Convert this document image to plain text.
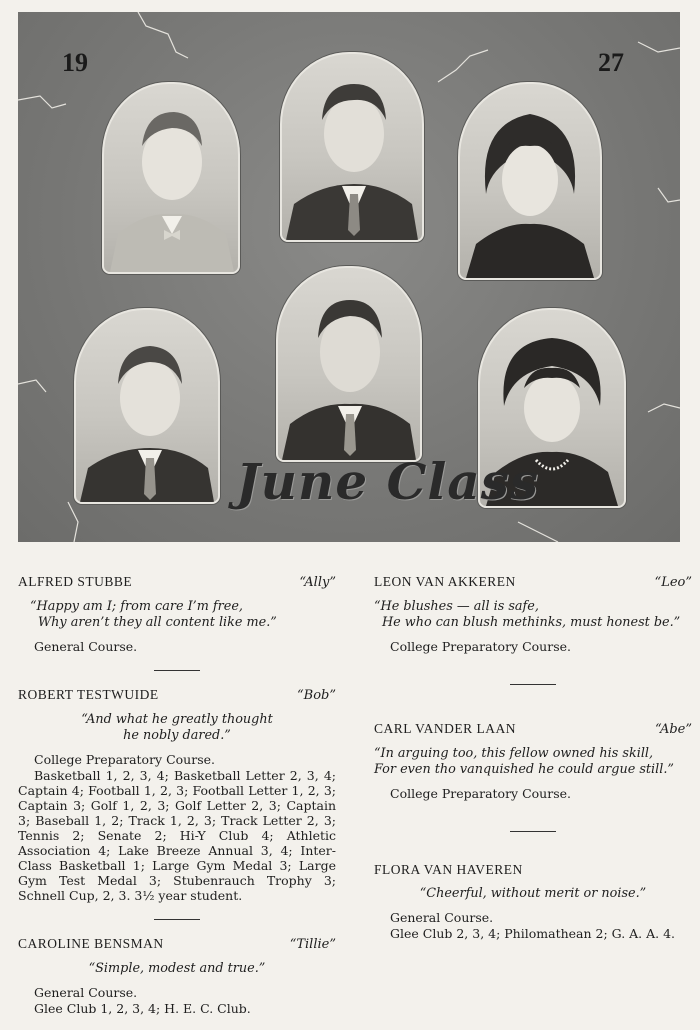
19	27
June Class
ALFRED STUBBE	“Ally”
“Happy am I; from care I’m free,
Why aren’t they all content like me.”
General Course.
ROBERT TESTWUIDE	“Bob”
“And what he greatly thought
he nobly dared.”
College Preparatory Course.
Basketball 1, 2, 3, 4; Basketball Letter 2, 3, 4; Captain 4; Football 1, 2, 3; Football Letter 1, 2, 3; Captain 3; Golf 1, 2, 3; Golf Letter 2, 3; Captain 3; Baseball 1, 2; Track 1, 2, 3; Track Letter 2, 3; Tennis 2; Senate 2; Hi-Y Club 4; Athletic Association 4; Lake Breeze Annual 3, 4; Inter-Class Basketball 1; Large Gym Medal 3; Large Gym Test Medal 3; Stubenrauch Trophy 3; Schnell Cup, 2, 3. 3½ year student.
CAROLINE BENSMAN	“Tillie”
“Simple, modest and true.”
General Course.
Glee Club 1, 2, 3, 4; H. E. C. Club.
LEON VAN AKKEREN	“Leo”
“He blushes — all is safe,
He who can blush methinks, must honest be.”
College Preparatory Course.
CARL VANDER LAAN	“Abe”
“In arguing too, this fellow owned his skill,
For even tho vanquished he could argue still.”
College Preparatory Course.
FLORA VAN HAVEREN
“Cheerful, without merit or noise.”
General Course.
Glee Club 2, 3, 4; Philomathean 2; G. A. A. 4.
